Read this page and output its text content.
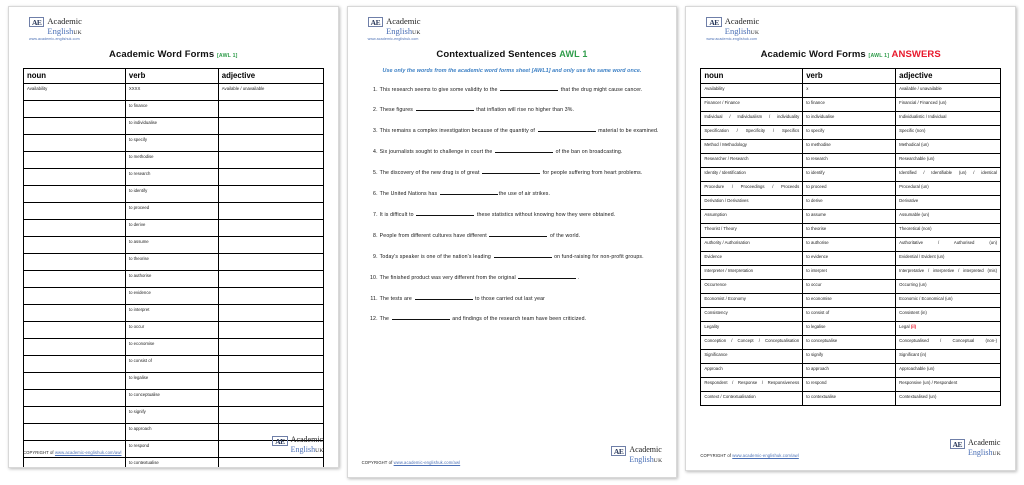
AE Academic
EnglishUK
www.academic-englishuk.com
Academic Word Forms [AWL 1]
noun	verb	adjective
Availability	XXXX	Available / unavailable
	to finance	
	to individualise	
	to specify	
	to methodise	
	to research	
	to identify	
	to proceed	
	to derive	
	to assume	
	to theorise	
	to authorise	
	to evidence	
	to interpret	
	to occur	
	to economise	
	to consist of	
	to legalise	
	to conceptualise	
	to signify	
	to approach	
	to respond	
	to contextualise	
COPYRIGHT of www.academic-englishuk.com/awl
AE Academic
EnglishUK
AE Academic
EnglishUK
www.academic-englishuk.com
Contextualized Sentences AWL 1
Use only the words from the academic word forms sheet [AWL1] and only use the same word once.
This research seems to give some validity to the	that the drug might cause cancer.
These figures	that inflation will rise no higher than 3%.
This remains a complex investigation because of the quantity of	material to be examined.
Six journalists sought to challenge in court the	of the ban on broadcasting.
The discovery of the new drug is of great	for people suffering from heart problems.
The United Nations has	the use of air strikes.
It is difficult to	these statistics without knowing how they were obtained.
People from different cultures have different	of the world.
Today's speaker is one of the nation's leading	on fund-raising for non-profit groups.
The finished product was very different from the original	.
The tests are	to those carried out last year
The	and findings of the research team have been criticized.
COPYRIGHT of www.academic-englishuk.com/awl
AE Academic
EnglishUK
AE Academic
EnglishUK
www.academic-englishuk.com
Academic Word Forms [AWL 1] ANSWERS
noun	verb	adjective
Availability	x	Available / unavailable
Financer / Finance	to finance	Financial / Financed (un)
Individual / Individualism / individuality	to individualise	Individualistic / Individual
Specification / Specificity / Specifics	to specify	Specific (non)
Method / Methodology	to methodise	Methodical (un)
Researcher / Research	to research	Researchable (un)
Identity / Identification	to identify	Identified / Identifiable (un) / identical
Procedure / Proceedings / Proceeds	to proceed	Procedural (un)
Derivation / Derivatives	to derive	Derivative
Assumption	to assume	Assumable (un)
Theorist / Theory	to theorise	Theoretical (non)
Authority / Authorisation	to authorise	Authoritative / Authorised (un)
Evidence	to evidence	Evidential / Evident (un)
Interpreter / Interpretation	to interpret	Interpretative / interpretive / interpreted (mis)
Occurrence	to occur	Occurring (un)
Economist / Economy	to economise	Economic / Economical (un)
Consistency	to consist of	Consistent (in)
Legality	to legalise	Legal (il)
Conception / Concept / Conceptualisation	to conceptualise	Conceptualised / Conceptual (non-)
Significance	to signify	Significant (in)
Approach	to approach	Approachable (un)
Respondent / Response / Responsiveness	to respond	Responsive (un) / Respondent
Context / Contextualisation	to contextualise	Contextualised (un)
COPYRIGHT of www.academic-englishuk.com/awl
AE Academic
EnglishUK
